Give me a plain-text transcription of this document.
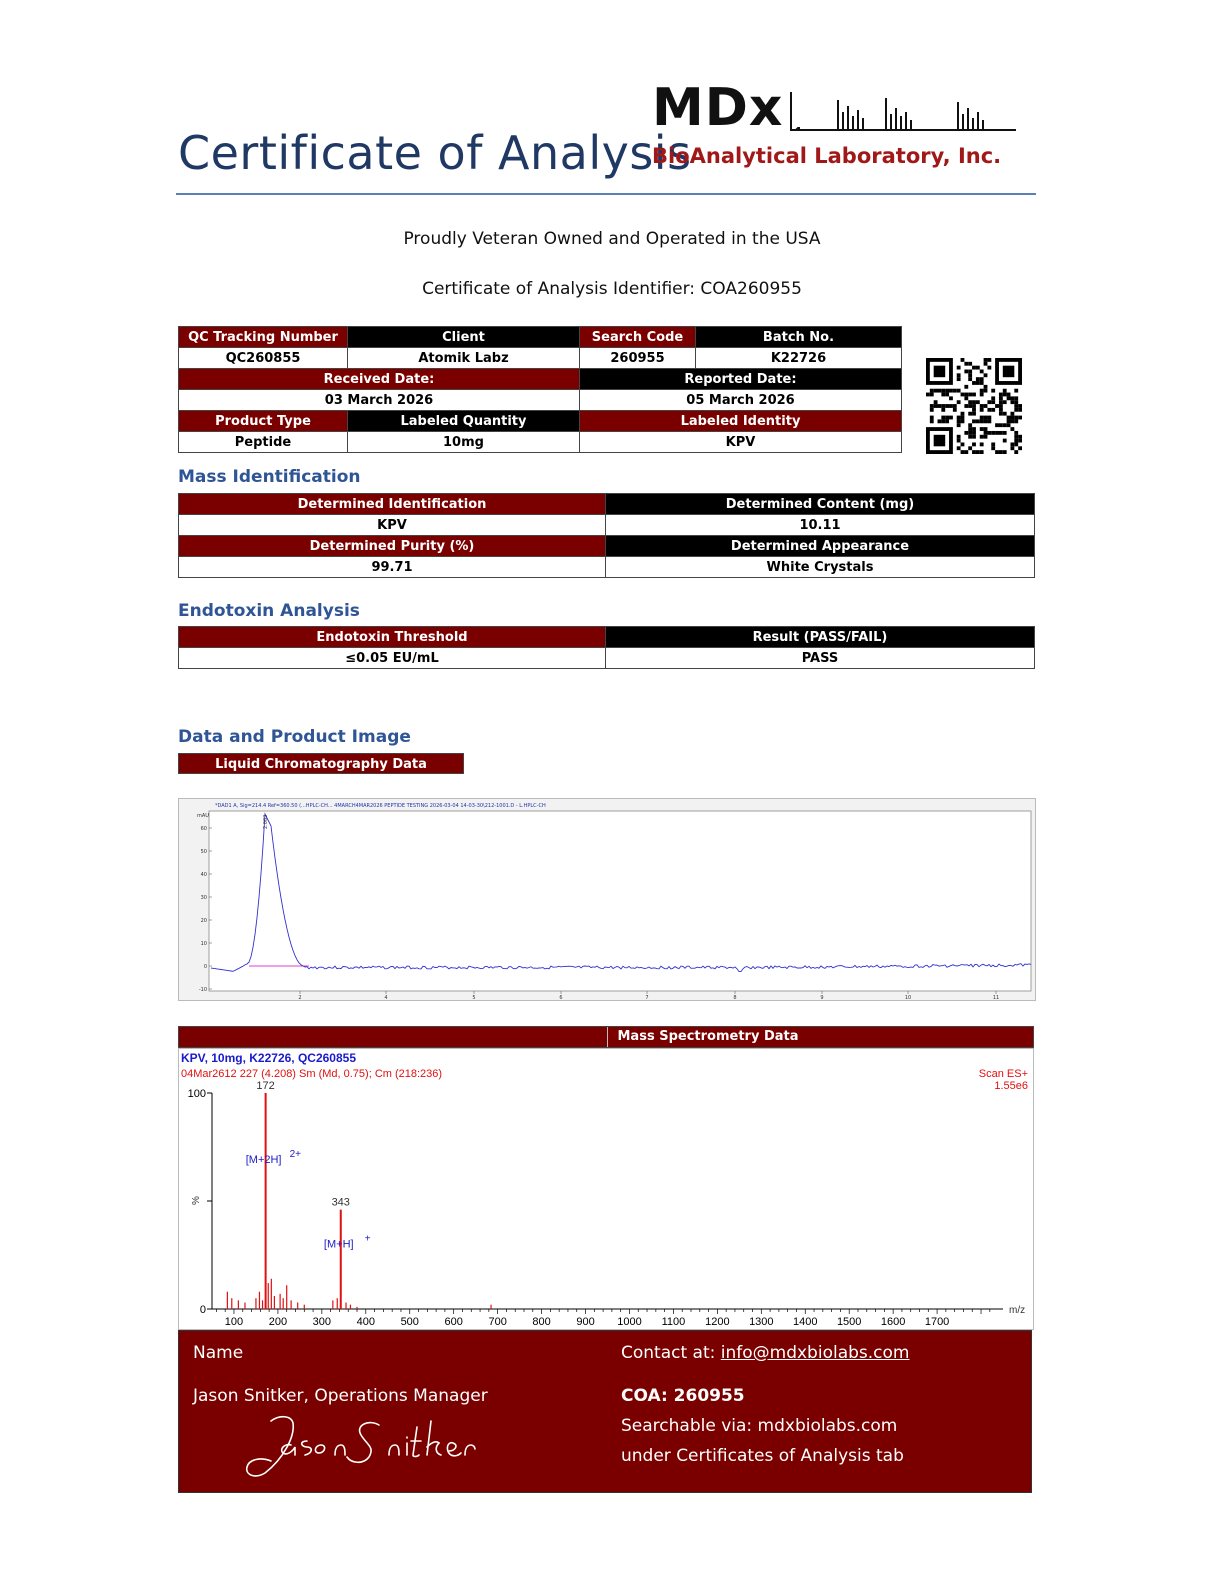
Certificate of Analysis
MDx
BioAnalytical Laboratory, Inc.
Proudly Veteran Owned and Operated in the USA
Certificate of Analysis Identifier: COA260955
QC Tracking Number	Client	Search Code	Batch No.
QC260855	Atomik Labz	260955	K22726
Received Date:		Reported Date:	
03 March 2026		05 March 2026	
Product Type	Labeled Quantity	Labeled Identity	
Peptide	10mg	KPV	
Mass Identification
Determined Identification	Determined Content (mg)
KPV	10.11
Determined Purity (%)	Determined Appearance
99.71	White Crystals
Endotoxin Analysis
Endotoxin Threshold	Result (PASS/FAIL)
≤0.05 EU/mL	PASS
Data and Product Image
Liquid Chromatography Data
*DAD1 A, Sig=214.4 Ref=360.50 (...HPLC-CH... 4MARCH4MAR2026 PEPTIDE TESTING 2026-03-04 14-03-30\212-1001.D - L.HPLC-CH
mAU
60
50
40
30
20
10
0
-10
2	4	5	6	7	8	9	10	11
2.083
Mass Spectrometry Data
KPV, 10mg, K22726, QC260855
04Mar2612 227 (4.208) Sm (Md, 0.75); Cm (218:236)	Scan ES+
1.55e6
%
m/z
100
0
100 200 300 400 500 600 700 800 900 1000 1100 1200 1300 1400 1500 1600 1700
172
[M+2H] 2+
343
[M+H] +
Name
Jason Snitker, Operations Manager
Contact at: info@mdxbiolabs.com
COA: 260955
Searchable via: mdxbiolabs.com
under Certificates of Analysis tab
